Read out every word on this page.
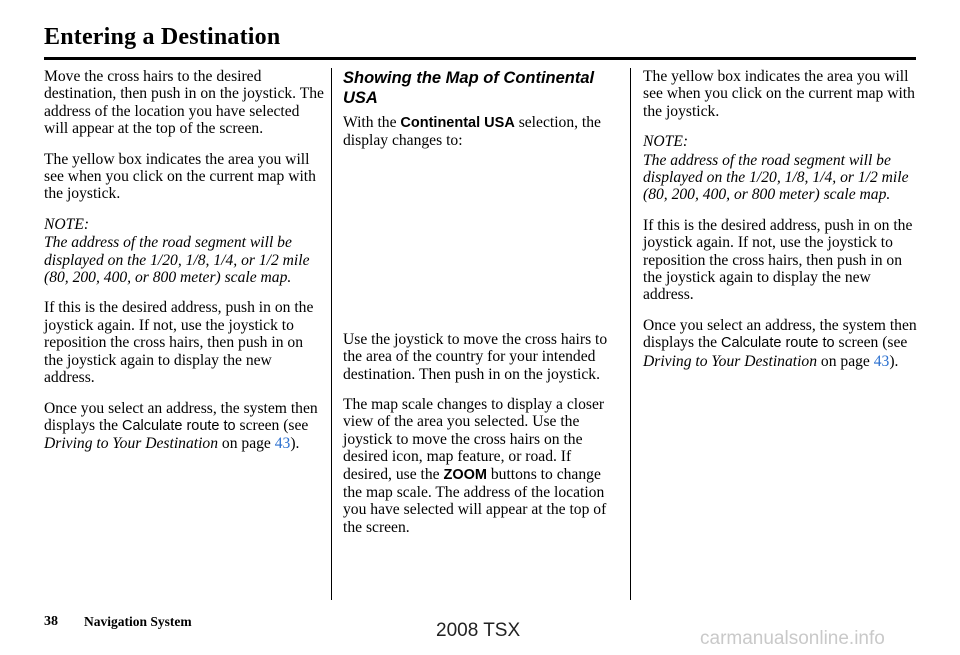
Entering a Destination

Move the cross hairs to the desired destination, then push in on the joystick. The address of the location you have selected will appear at the top of the screen.

The yellow box indicates the area you will see when you click on the current map with the joystick.

NOTE:

The address of the road segment will be displayed on the 1/20, 1/8, 1/4, or 1/2 mile (80, 200, 400, or 800 meter) scale map.

If this is the desired address, push in on the joystick again. If not, use the joystick to reposition the cross hairs, then push in on the joystick again to display the new address.

Once you select an address, the system then displays the Calculate route to screen (see Driving to Your Destination on page 43).

Showing the Map of Continental USA

With the Continental USA selection, the display changes to:

Use the joystick to move the cross hairs to the area of the country for your intended destination. Then push in on the joystick.

The map scale changes to display a closer view of the area you selected. Use the joystick to move the cross hairs on the desired icon, map feature, or road. If desired, use the ZOOM buttons to change the map scale. The address of the location you have selected will appear at the top of the screen.

The yellow box indicates the area you will see when you click on the current map with the joystick.

NOTE:

The address of the road segment will be displayed on the 1/20, 1/8, 1/4, or 1/2 mile (80, 200, 400, or 800 meter) scale map.

If this is the desired address, push in on the joystick again. If not, use the joystick to reposition the cross hairs, then push in on the joystick again to display the new address.

Once you select an address, the system then displays the Calculate route to screen (see Driving to Your Destination on page 43).

38 Navigation System	2008 TSX	carmanualsonline.info
